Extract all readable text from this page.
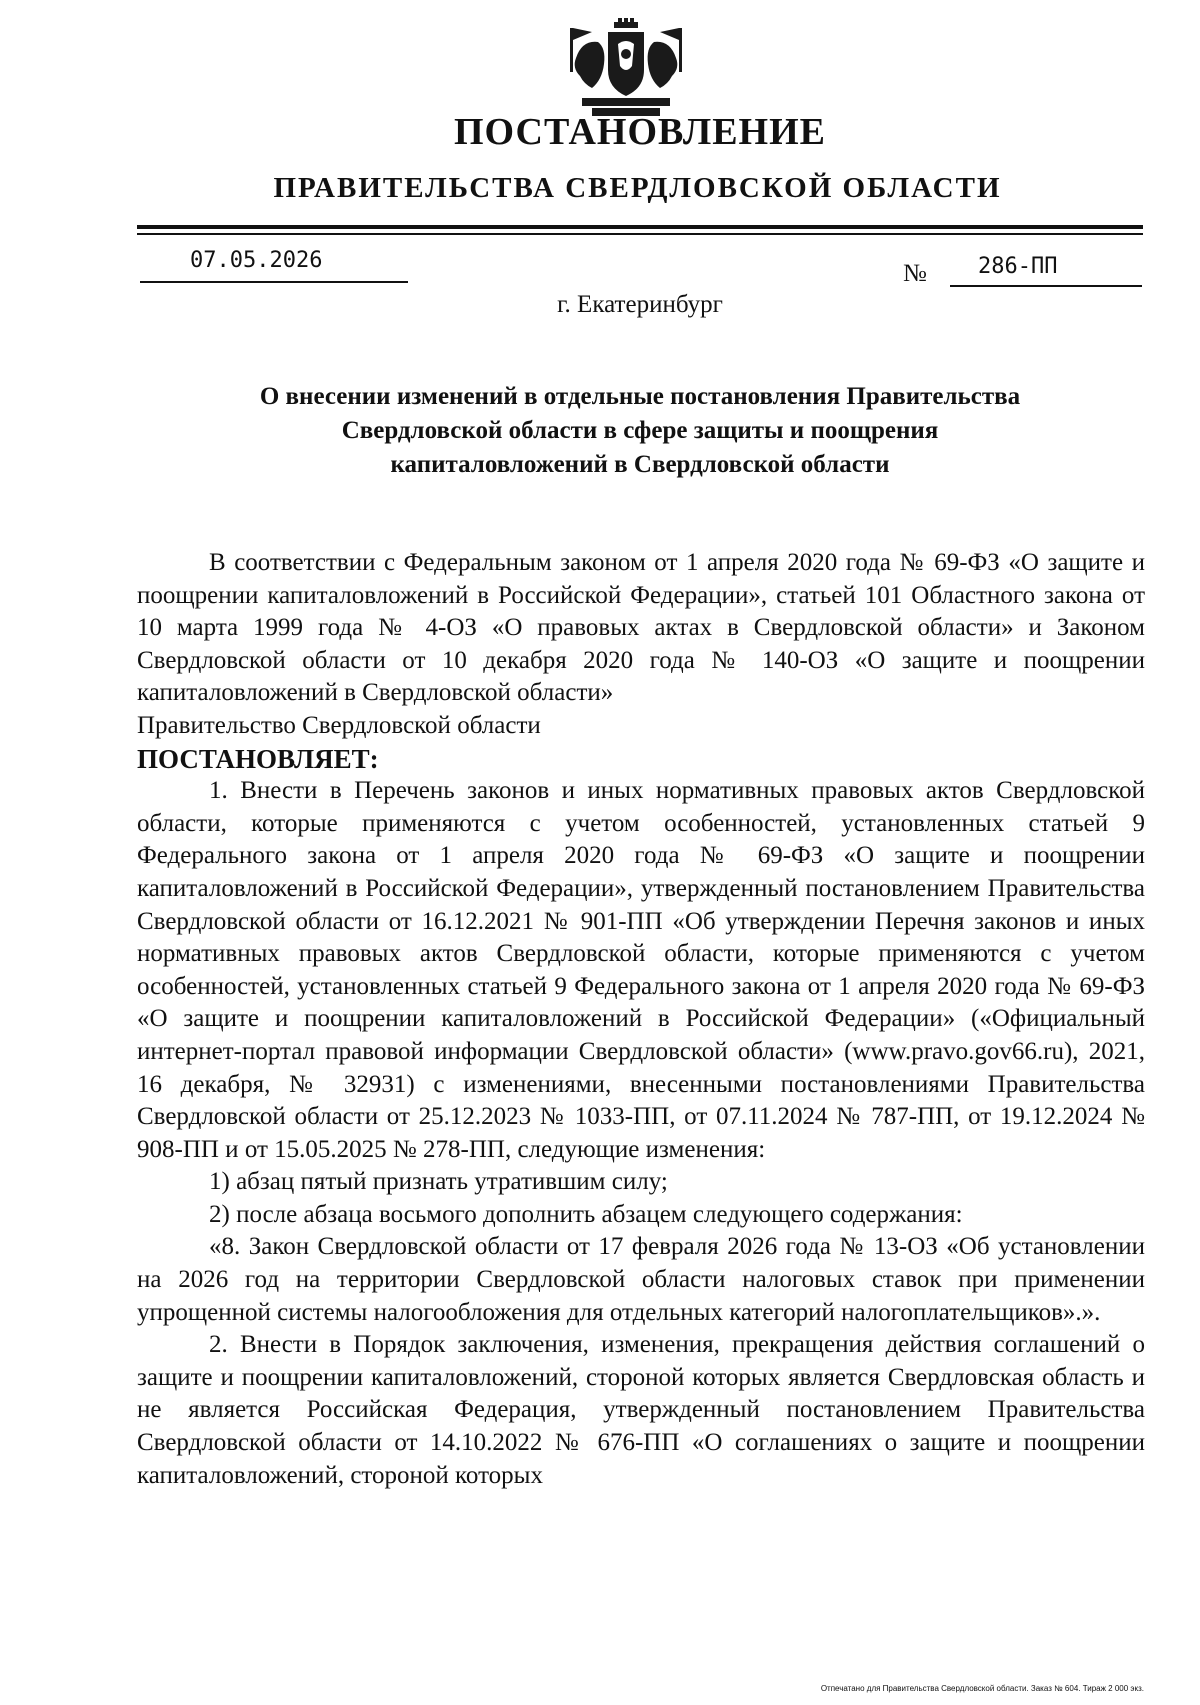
ПОСТАНОВЛЕНИЕ
ПРАВИТЕЛЬСТВА СВЕРДЛОВСКОЙ ОБЛАСТИ
07.05.2026	№ 286-ПП
г. Екатеринбург
О внесении изменений в отдельные постановления Правительства
Свердловской области в сфере защиты и поощрения
капиталовложений в Свердловской области

В соответствии с Федеральным законом от 1 апреля 2020 года № 69-ФЗ «О защите и поощрении капиталовложений в Российской Федерации», статьей 101 Областного закона от 10 марта 1999 года № 4-ОЗ «О правовых актах в Свердловской области» и Законом Свердловской области от 10 декабря 2020 года № 140-ОЗ «О защите и поощрении капиталовложений в Свердловской области»

Правительство Свердловской области

ПОСТАНОВЛЯЕТ:

1. Внести в Перечень законов и иных нормативных правовых актов Свердловской области, которые применяются с учетом особенностей, установленных статьей 9 Федерального закона от 1 апреля 2020 года № 69-ФЗ «О защите и поощрении капиталовложений в Российской Федерации», утвержденный постановлением Правительства Свердловской области от 16.12.2021 № 901-ПП «Об утверждении Перечня законов и иных нормативных правовых актов Свердловской области, которые применяются с учетом особенностей, установленных статьей 9 Федерального закона от 1 апреля 2020 года № 69-ФЗ «О защите и поощрении капиталовложений в Российской Федерации» («Официальный интернет-портал правовой информации Свердловской области» (www.pravo.gov66.ru), 2021, 16 декабря, № 32931) с изменениями, внесенными постановлениями Правительства Свердловской области от 25.12.2023 № 1033-ПП, от 07.11.2024 № 787-ПП, от 19.12.2024 № 908-ПП и от 15.05.2025 № 278-ПП, следующие изменения:

1) абзац пятый признать утратившим силу;

2) после абзаца восьмого дополнить абзацем следующего содержания:

«8. Закон Свердловской области от 17 февраля 2026 года № 13-ОЗ «Об установлении на 2026 год на территории Свердловской области налоговых ставок при применении упрощенной системы налогообложения для отдельных категорий налогоплательщиков».».

2. Внести в Порядок заключения, изменения, прекращения действия соглашений о защите и поощрении капиталовложений, стороной которых является Свердловская область и не является Российская Федерация, утвержденный постановлением Правительства Свердловской области от 14.10.2022 № 676-ПП «О соглашениях о защите и поощрении капиталовложений, стороной которых

Отпечатано для Правительства Свердловской области. Заказ № 604. Тираж 2 000 экз.
